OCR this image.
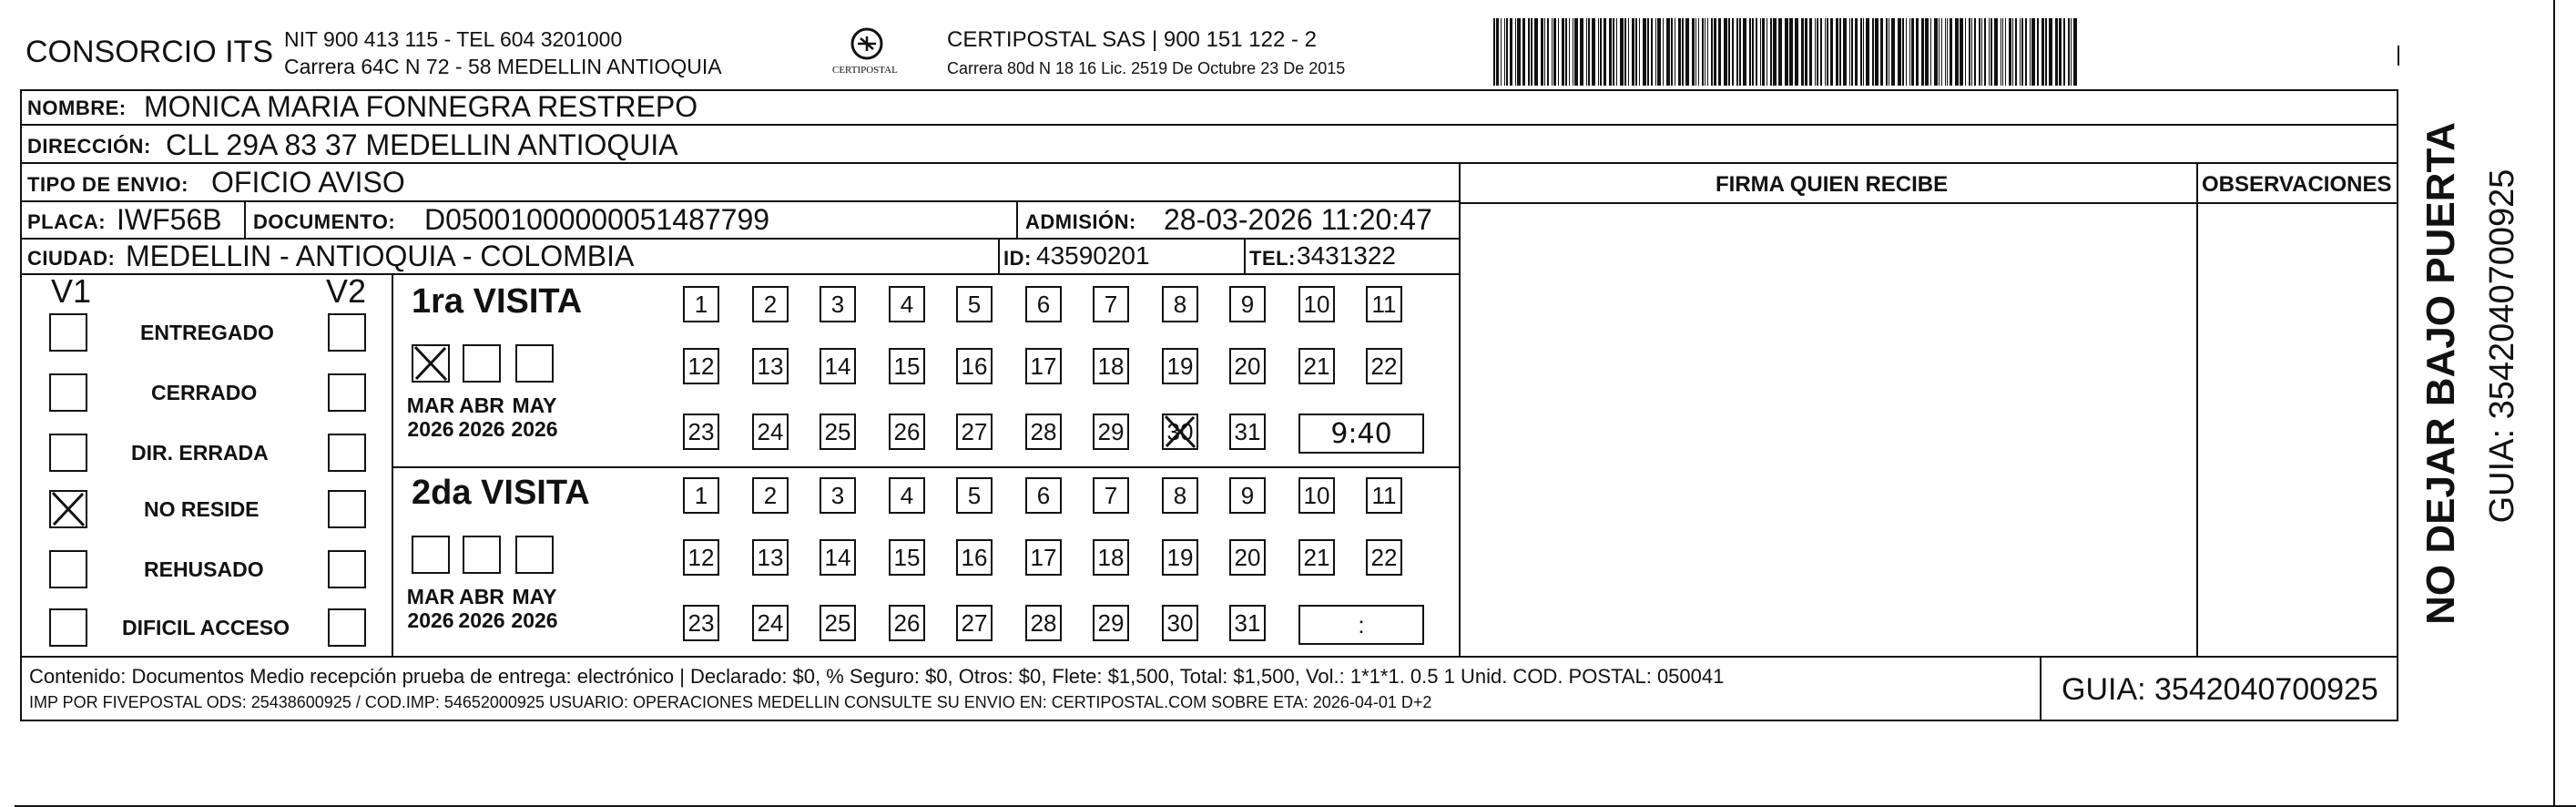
CONSORCIO ITS NIT 900 413 115 - TEL 604 3201000
Carrera 64C N 72 - 58 MEDELLIN ANTIOQUIA	CERTIPOSTAL
CERTIPOSTAL SAS | 900 151 122 - 2
Carrera 80d N 18 16 Lic. 2519 De Octubre 23 De 2015
NOMBRE: MONICA MARIA FONNEGRA RESTREPO
DIRECCIÓN: CLL 29A 83 37 MEDELLIN ANTIOQUIA
TIPO DE ENVIO: OFICIO AVISO	FIRMA QUIEN RECIBE	OBSERVACIONES
PLACA: IWF56B DOCUMENTO: D05001000000051487799	ADMISIÓN: 28-03-2026 11:20:47
CIUDAD: MEDELLIN - ANTIOQUIA - COLOMBIA	ID: 43590201	TEL: 3431322
V1	V2 1ra VISITA
2da VISITA
Contenido: Documentos Medio recepción prueba de entrega: electrónico | Declarado: $0, % Seguro: $0, Otros: $0, Flete: $1,500, Total: $1,500, Vol.: 1*1*1. 0.5 1 Unid. COD. POSTAL: 050041
IMP POR FIVEPOSTAL ODS: 25438600925 / COD.IMP: 54652000925 USUARIO: OPERACIONES MEDELLIN CONSULTE SU ENVIO EN: CERTIPOSTAL.COM SOBRE ETA: 2026-04-01 D+2	GUIA: 3542040700925
NO DEJAR BAJO PUERTA GUIA: 3542040700925
ENTREGADO
CERRADO
DIR. ERRADA
NO RESIDE
REHUSADO
DIFICIL ACCESO
MAR
2026
ABR
2026
MAY
2026
1	2	3	4	5	6	7	8	9	10 11
12 13 14 15 16 17 18 19 20 21 22
23 24 25 26 27 28 29 30 31	9:40
MAR
2026
ABR
2026
MAY
2026
1	2	3	4	5	6	7	8	9	10 11
12 13 14 15 16 17 18 19 20 21 22
23 24 25 26 27 28 29 30 31	:
